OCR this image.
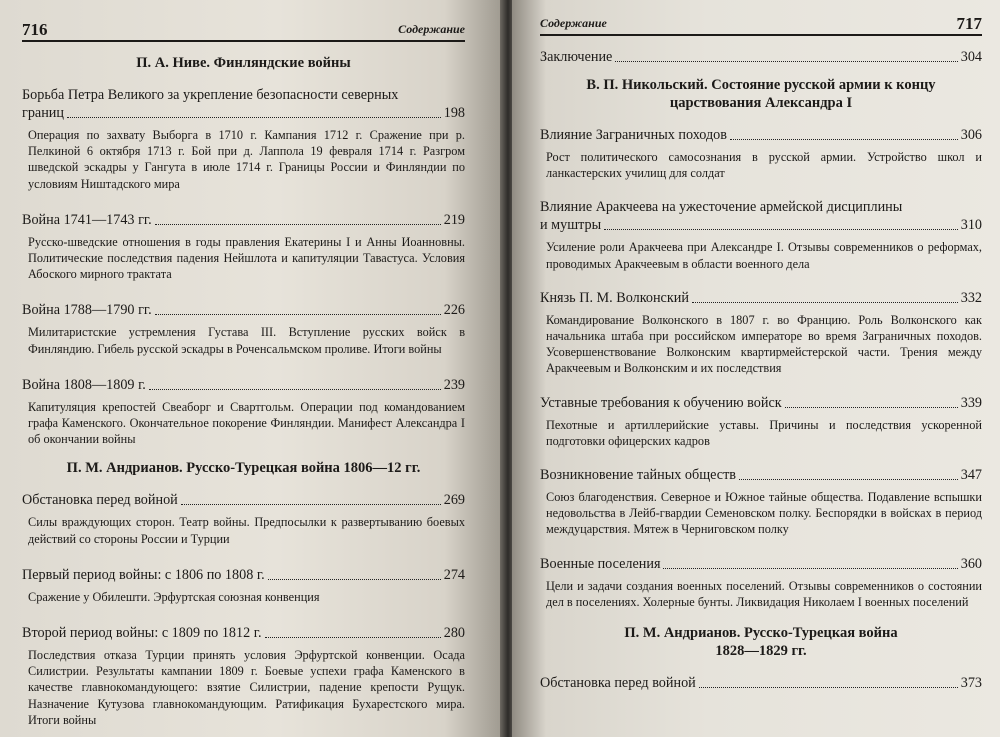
716	Содержание
П. А. Ниве. Финляндские войны
Борьба Петра Великого за укрепление безопасности северных
границ	198

Операция по захвату Выборга в 1710 г. Кампания 1712 г. Сражение при р. Пелкиной 6 октября 1713 г. Бой при д. Лаппола 19 февраля 1714 г. Разгром шведской эскадры у Гангута в июле 1714 г. Границы России и Финляндии по условиям Ништадского мира

Война 1741—1743 гг.	219

Русско-шведские отношения в годы правления Екатерины I и Анны Иоанновны. Политические последствия падения Нейшлота и капитуляции Тавастуса. Условия Абоского мирного трактата

Война 1788—1790 гг.	226

Милитаристские устремления Густава III. Вступление русских войск в Финляндию. Гибель русской эскадры в Роченсальмском проливе. Итоги войны

Война 1808—1809 г.	239

Капитуляция крепостей Свеаборг и Свартгольм. Операции под командованием графа Каменского. Окончательное покорение Финляндии. Манифест Александра I об окончании войны

П. М. Андрианов. Русско-Турецкая война 1806—12 гг.
Обстановка перед войной	269

Силы враждующих сторон. Театр войны. Предпосылки к развертыванию боевых действий со стороны России и Турции

Первый период войны: с 1806 по 1808 г.	274

Сражение у Обилешти. Эрфуртская союзная конвенция

Второй период войны: с 1809 по 1812 г.	280

Последствия отказа Турции принять условия Эрфуртской конвенции. Осада Силистрии. Результаты кампании 1809 г. Боевые успехи графа Каменского в качестве главнокомандующего: взятие Силистрии, падение крепости Рущук. Назначение Кутузова главнокомандующим. Ратификация Бухарестского мира. Итоги войны

Содержание	717
Заключение	304
В. П. Никольский. Состояние русской армии к концу
царствования Александра I
Влияние Заграничных походов	306

Рост политического самосознания в русской армии. Устройство школ и ланкастерских училищ для солдат

Влияние Аракчеева на ужесточение армейской дисциплины
и муштры	310

Усиление роли Аракчеева при Александре I. Отзывы современников о реформах, проводимых Аракчеевым в области военного дела

Князь П. М. Волконский	332

Командирование Волконского в 1807 г. во Францию. Роль Волконского как начальника штаба при российском императоре во время Заграничных походов. Усовершенствование Волконским квартирмейстерской части. Трения между Аракчеевым и Волконским и их последствия

Уставные требования к обучению войск	339

Пехотные и артиллерийские уставы. Причины и последствия ускоренной подготовки офицерских кадров

Возникновение тайных обществ	347

Союз благоденствия. Северное и Южное тайные общества. Подавление вспышки недовольства в Лейб-гвардии Семеновском полку. Беспорядки в войсках в период междуцарствия. Мятеж в Черниговском полку

Военные поселения	360

Цели и задачи создания военных поселений. Отзывы современников о состоянии дел в поселениях. Холерные бунты. Ликвидация Николаем I военных поселений

П. М. Андрианов. Русско-Турецкая война
1828—1829 гг.
Обстановка перед войной	373
